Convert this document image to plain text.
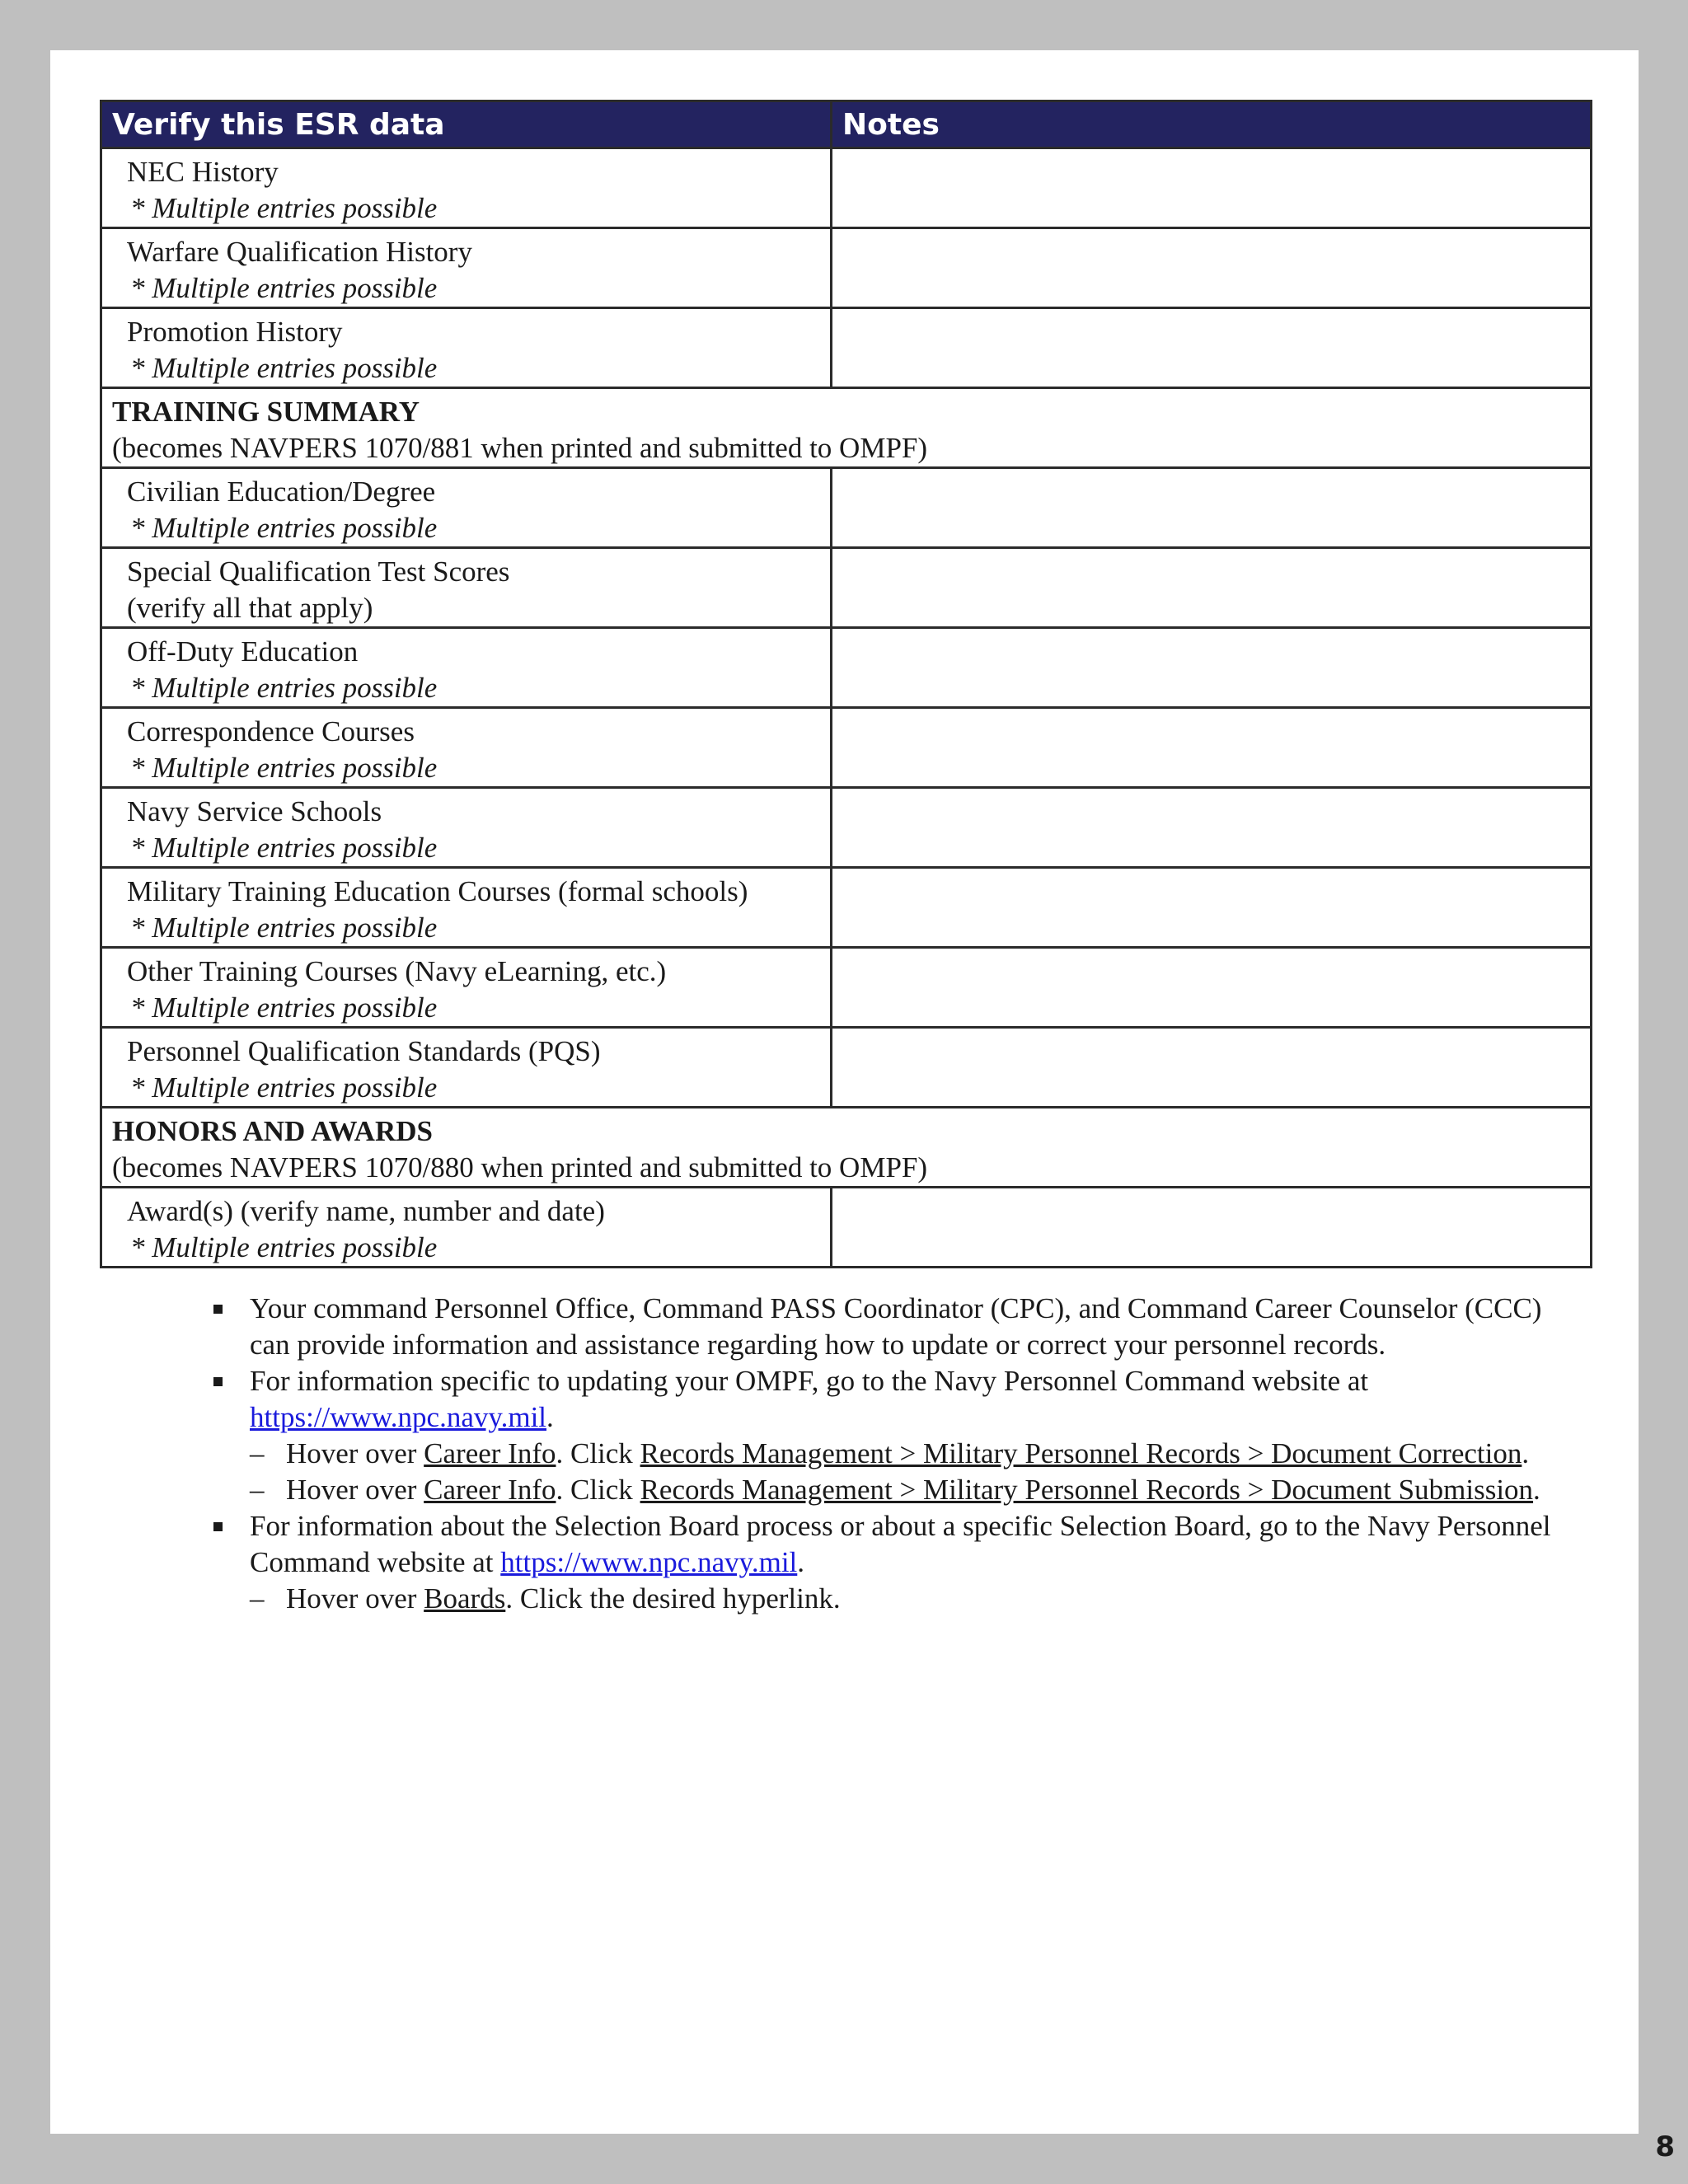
Verify this ESR data	Notes

NEC History
* Multiple entries possible	

Warfare Qualification History
* Multiple entries possible	

Promotion History
* Multiple entries possible	

TRAINING SUMMARY
(becomes NAVPERS 1070/881 when printed and submitted to OMPF)	

Civilian Education/Degree
* Multiple entries possible	

Special Qualification Test Scores
(verify all that apply)	

Off-Duty Education
* Multiple entries possible	

Correspondence Courses
* Multiple entries possible	

Navy Service Schools
* Multiple entries possible	

Military Training Education Courses (formal schools)
* Multiple entries possible	

Other Training Courses (Navy eLearning, etc.)
* Multiple entries possible	

Personnel Qualification Standards (PQS)
* Multiple entries possible	

HONORS AND AWARDS
(becomes NAVPERS 1070/880 when printed and submitted to OMPF)	

Award(s) (verify name, number and date)
* Multiple entries possible	

Your command Personnel Office, Command PASS Coordinator (CPC), and Command Career Counselor (CCC) can provide information and assistance regarding how to update or correct your personnel records.
For information specific to updating your OMPF, go to the Navy Personnel Command website at
https://www.npc.navy.mil.
– Hover over Career Info. Click Records Management > Military Personnel Records > Document Correction.
– Hover over Career Info. Click Records Management > Military Personnel Records > Document Submission.
For information about the Selection Board process or about a specific Selection Board, go to the Navy Personnel Command website at https://www.npc.navy.mil.
– Hover over Boards. Click the desired hyperlink.
8
